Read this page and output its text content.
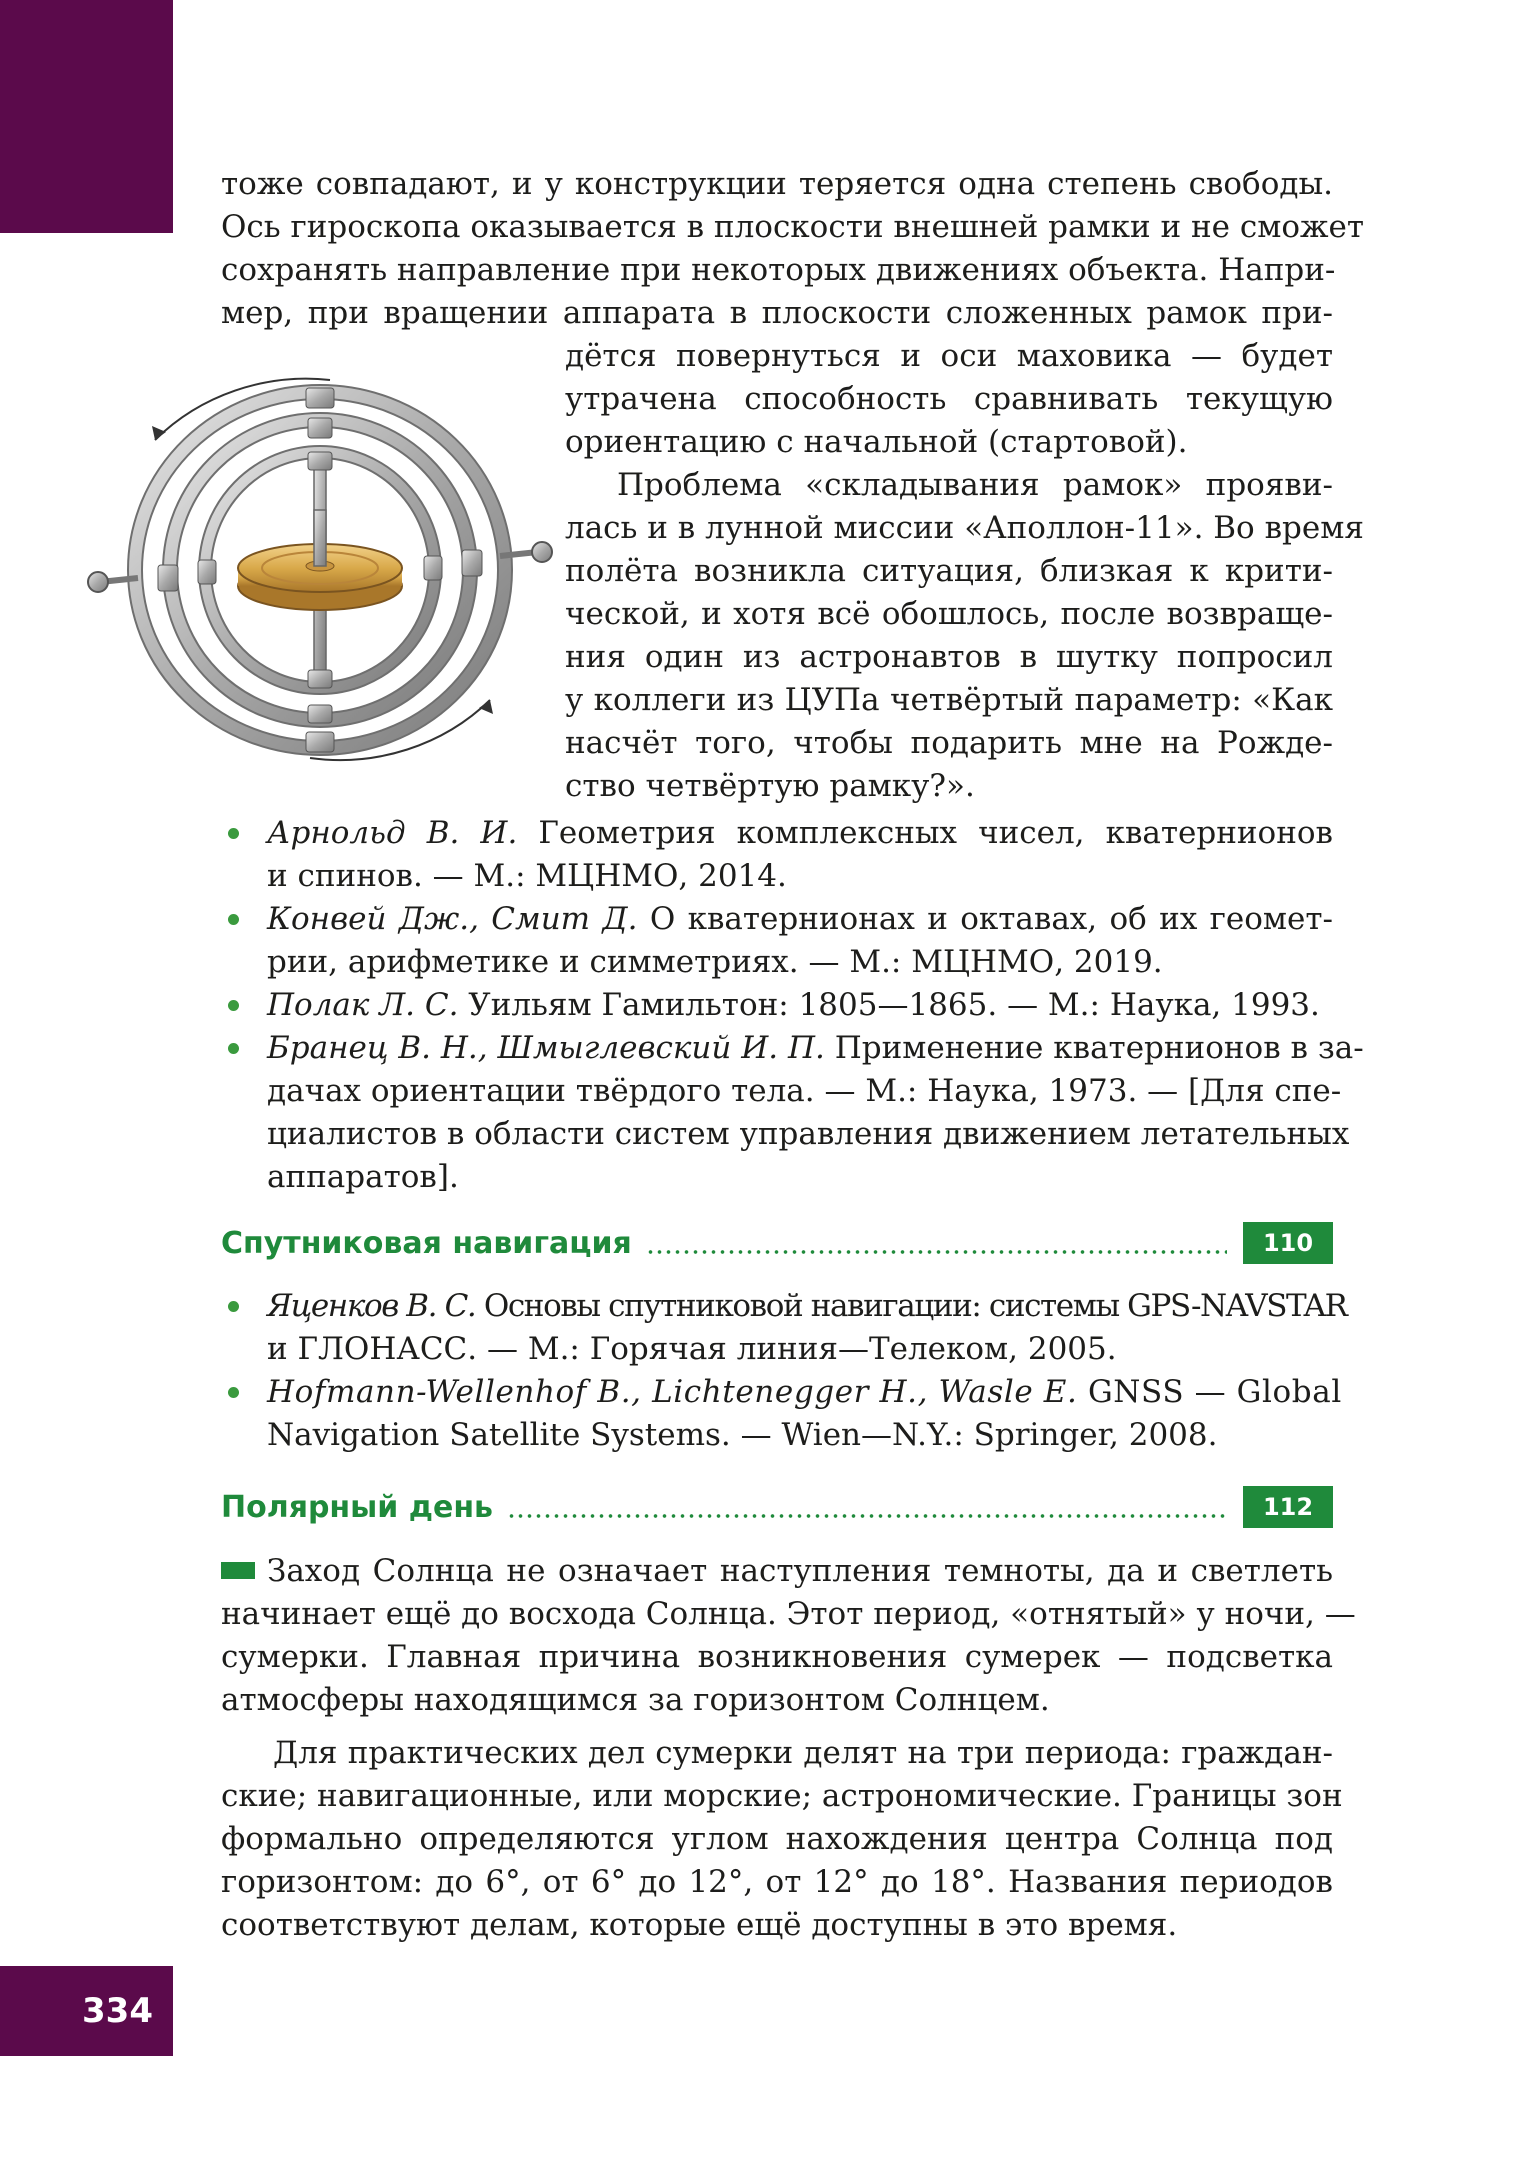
тоже совпадают, и у конструкции теряется одна степень свободы.
Ось гироскопа оказывается в плоскости внешней рамки и не сможет
сохранять направление при некоторых движениях объекта. Напри-
мер, при вращении аппарата в плоскости сложенных рамок при-

дётся повернуться и оси маховика — будет
утрачена способность сравнивать текущую
ориентацию с начальной (стартовой).

Проблема «складывания рамок» прояви-
лась и в лунной миссии «Аполлон-11». Во время
полёта возникла ситуация, близкая к крити-
ческой, и хотя всё обошлось, после возвраще-
ния один из астронавтов в шутку попросил
у коллеги из ЦУПа четвёртый параметр: «Как
насчёт того, чтобы подарить мне на Рожде-
ство четвёртую рамку?».

Арнольд В. И. Геометрия комплексных чисел, кватернионов
и спинов. — М.: МЦНМО, 2014.
Конвей Дж., Смит Д. О кватернионах и октавах, об их геомет-
рии, арифметике и симметриях. — М.: МЦНМО, 2019.
Полак Л. С. Уильям Гамильтон: 1805—1865. — М.: Наука, 1993.
Бранец В. Н., Шмыглевский И. П. Применение кватернионов в за-
дачах ориентации твёрдого тела. — М.: Наука, 1973. — [Для спе-
циалистов в области систем управления движением летательных
аппаратов].
Спутниковая навигация	110
Яценков В. С. Основы спутниковой навигации: системы GPS-NAVSTAR
и ГЛОНАСС. — М.: Горячая линия—Телеком, 2005.
Hofmann-Wellenhof B., Lichtenegger H., Wasle E. GNSS — Global
Navigation Satellite Systems. — Wien—N.Y.: Springer, 2008.
Полярный день	112

Заход Солнца не означает наступления темноты, да и светлеть
начинает ещё до восхода Солнца. Этот период, «отнятый» у ночи, —
сумерки. Главная причина возникновения сумерек — подсветка
атмосферы находящимся за горизонтом Солнцем.

Для практических дел сумерки делят на три периода: граждан-
ские; навигационные, или морские; астрономические. Границы зон
формально определяются углом нахождения центра Солнца под
горизонтом: до 6°, от 6° до 12°, от 12° до 18°. Названия периодов
соответствуют делам, которые ещё доступны в это время.

334
